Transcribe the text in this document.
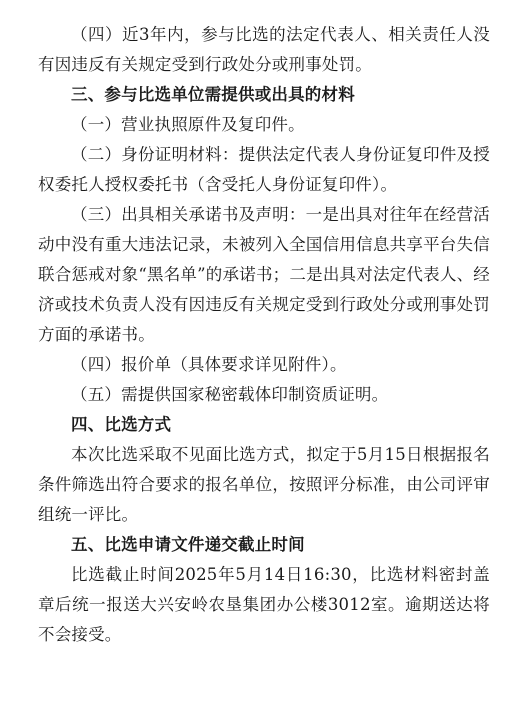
（四）近3年内，参与比选的法定代表人、相关责任人没有因违反有关规定受到行政处分或刑事处罚。

三、参与比选单位需提供或出具的材料

（一）营业执照原件及复印件。

（二）身份证明材料：提供法定代表人身份证复印件及授权委托人授权委托书（含受托人身份证复印件）。

（三）出具相关承诺书及声明：一是出具对往年在经营活动中没有重大违法记录，未被列入全国信用信息共享平台失信联合惩戒对象“黑名单”的承诺书；二是出具对法定代表人、经济或技术负责人没有因违反有关规定受到行政处分或刑事处罚方面的承诺书。

（四）报价单（具体要求详见附件）。

（五）需提供国家秘密载体印制资质证明。

四、比选方式

本次比选采取不见面比选方式，拟定于5月15日根据报名条件筛选出符合要求的报名单位，按照评分标准，由公司评审组统一评比。

五、比选申请文件递交截止时间

比选截止时间2025年5月14日16:30，比选材料密封盖章后统一报送大兴安岭农垦集团办公楼3012室。逾期送达将不会接受。
